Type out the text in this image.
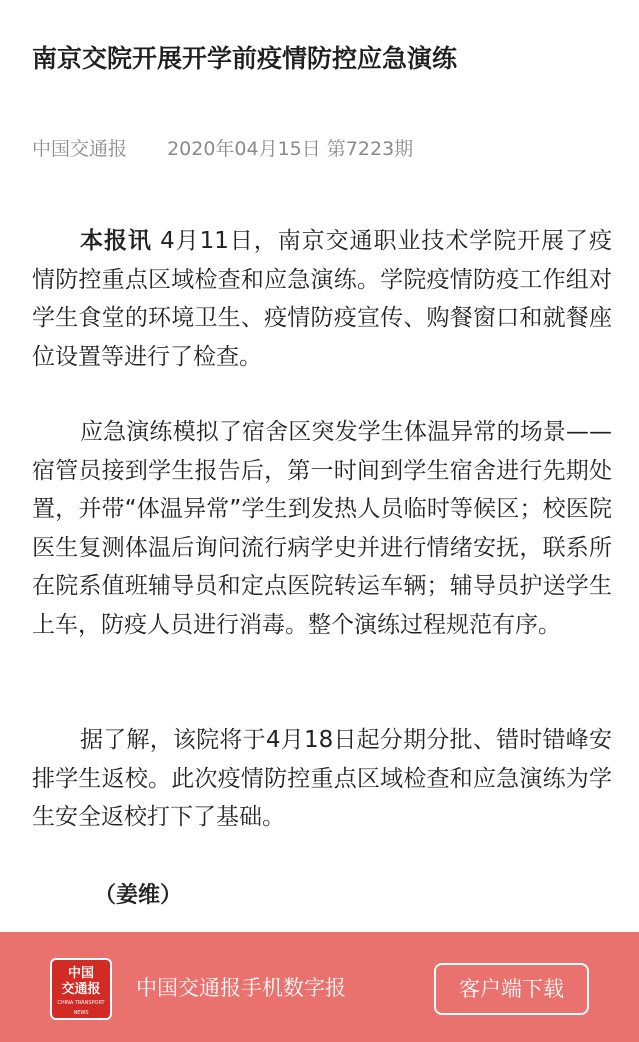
南京交院开展开学前疫情防控应急演练
中国交通报 2020年04月15日 第7223期

本报讯 4月11日，南京交通职业技术学院开展了疫情防控重点区域检查和应急演练。学院疫情防疫工作组对学生食堂的环境卫生、疫情防疫宣传、购餐窗口和就餐座位设置等进行了检查。

应急演练模拟了宿舍区突发学生体温异常的场景——宿管员接到学生报告后，第一时间到学生宿舍进行先期处置，并带“体温异常”学生到发热人员临时等候区；校医院医生复测体温后询问流行病学史并进行情绪安抚，联系所在院系值班辅导员和定点医院转运车辆；辅导员护送学生上车，防疫人员进行消毒。整个演练过程规范有序。

据了解，该院将于4月18日起分期分批、错时错峰安排学生返校。此次疫情防控重点区域检查和应急演练为学生安全返校打下了基础。

（姜维）
中国
交通报
CHINA TRANSPORT NEWS
中国交通报手机数字报	客户端下载
